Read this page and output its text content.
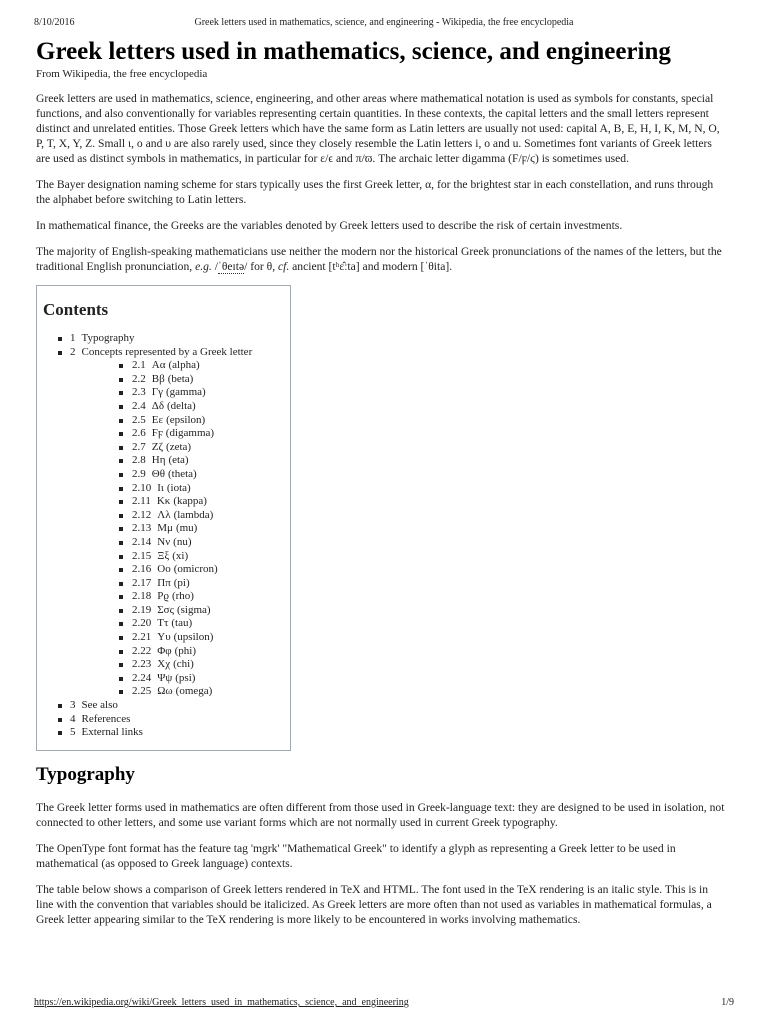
8/10/2016	Greek letters used in mathematics, science, and engineering - Wikipedia, the free encyclopedia
Greek letters used in mathematics, science, and engineering
From Wikipedia, the free encyclopedia

Greek letters are used in mathematics, science, engineering, and other areas where mathematical notation is used as symbols for constants, special functions, and also conventionally for variables representing certain quantities. In these contexts, the capital letters and the small letters represent distinct and unrelated entities. Those Greek letters which have the same form as Latin letters are usually not used: capital A, B, E, H, I, K, M, N, O, P, T, X, Y, Z. Small ι, ο and υ are also rarely used, since they closely resemble the Latin letters i, o and u. Sometimes font variants of Greek letters are used as distinct symbols in mathematics, in particular for ε/ϵ and π/ϖ. The archaic letter digamma (Ϝ/ϝ/ϛ) is sometimes used.

The Bayer designation naming scheme for stars typically uses the first Greek letter, α, for the brightest star in each constellation, and runs through the alphabet before switching to Latin letters.

In mathematical finance, the Greeks are the variables denoted by Greek letters used to describe the risk of certain investments.

The majority of English-speaking mathematicians use neither the modern nor the historical Greek pronunciations of the names of the letters, but the traditional English pronunciation, e.g. /ˈθeɪtə/ for θ, cf. ancient [tʰɛ̂ːta] and modern [ˈθita].

Contents
1 Typography
2 Concepts represented by a Greek letter
2.1 Αα (alpha)
2.2 Ββ (beta)
2.3 Γγ (gamma)
2.4 Δδ (delta)
2.5 Εε (epsilon)
2.6 Ϝϝ (digamma)
2.7 Ζζ (zeta)
2.8 Ηη (eta)
2.9 Θθ (theta)
2.10 Ιι (iota)
2.11 Κκ (kappa)
2.12 Λλ (lambda)
2.13 Μμ (mu)
2.14 Νν (nu)
2.15 Ξξ (xi)
2.16 Οο (omicron)
2.17 Ππ (pi)
2.18 Ρϱ (rho)
2.19 Σσς (sigma)
2.20 Ττ (tau)
2.21 Υυ (upsilon)
2.22 Φφ (phi)
2.23 Χχ (chi)
2.24 Ψψ (psi)
2.25 Ωω (omega)
3 See also
4 References
5 External links
Typography

The Greek letter forms used in mathematics are often different from those used in Greek-language text: they are designed to be used in isolation, not connected to other letters, and some use variant forms which are not normally used in current Greek typography.

The OpenType font format has the feature tag 'mgrk' "Mathematical Greek" to identify a glyph as representing a Greek letter to be used in mathematical (as opposed to Greek language) contexts.

The table below shows a comparison of Greek letters rendered in TeX and HTML. The font used in the TeX rendering is an italic style. This is in line with the convention that variables should be italicized. As Greek letters are more often than not used as variables in mathematical formulas, a Greek letter appearing similar to the TeX rendering is more likely to be encountered in works involving mathematics.

https://en.wikipedia.org/wiki/Greek_letters_used_in_mathematics,_science,_and_engineering	1/9
